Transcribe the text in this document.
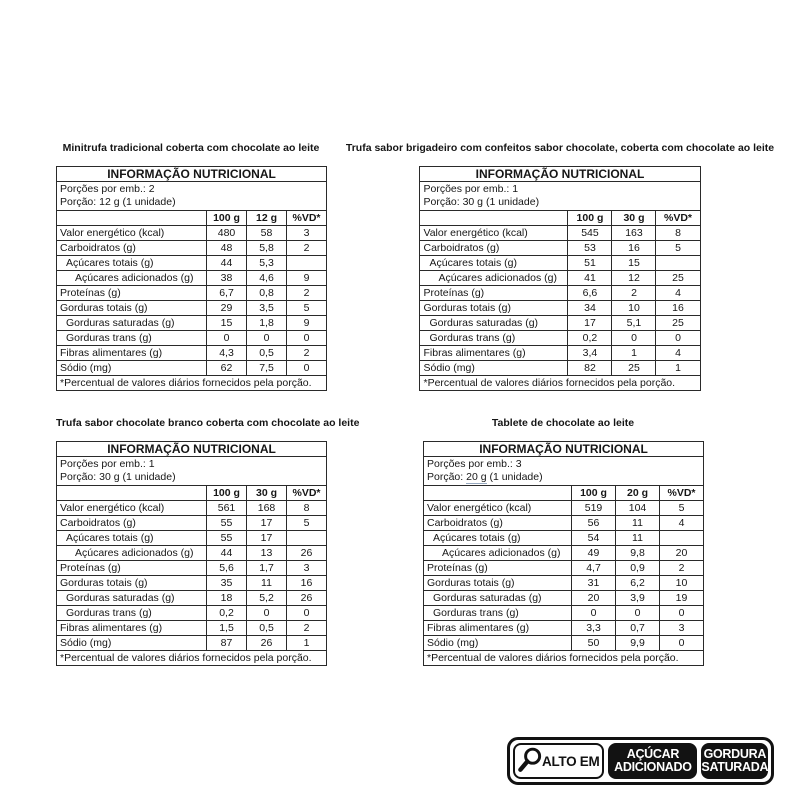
Minitrufa tradicional coberta com chocolate ao leite
INFORMAÇÃO NUTRICIONAL			

Porções por emb.: 2
Porção: 12 g (1 unidade)			

	100 g	12 g	%VD*
Valor energético (kcal)	480	58	3
Carboidratos (g)	48	5,8	2
Açúcares totais (g)	44	5,3	
Açúcares adicionados (g)	38	4,6	9
Proteínas (g)	6,7	0,8	2
Gorduras totais (g)	29	3,5	5
Gorduras saturadas (g)	15	1,8	9
Gorduras trans (g)	0	0	0
Fibras alimentares (g)	4,3	0,5	2
Sódio (mg)	62	7,5	0
*Percentual de valores diários fornecidos pela porção.			
Trufa sabor brigadeiro com confeitos sabor chocolate, coberta com chocolate ao leite
INFORMAÇÃO NUTRICIONAL			

Porções por emb.: 1
Porção: 30 g (1 unidade)			

	100 g	30 g	%VD*
Valor energético (kcal)	545	163	8
Carboidratos (g)	53	16	5
Açúcares totais (g)	51	15	
Açúcares adicionados (g)	41	12	25
Proteínas (g)	6,6	2	4
Gorduras totais (g)	34	10	16
Gorduras saturadas (g)	17	5,1	25
Gorduras trans (g)	0,2	0	0
Fibras alimentares (g)	3,4	1	4
Sódio (mg)	82	25	1
*Percentual de valores diários fornecidos pela porção.			
Trufa sabor chocolate branco coberta com chocolate ao leite
INFORMAÇÃO NUTRICIONAL			

Porções por emb.: 1
Porção: 30 g (1 unidade)			

	100 g	30 g	%VD*
Valor energético (kcal)	561	168	8
Carboidratos (g)	55	17	5
Açúcares totais (g)	55	17	
Açúcares adicionados (g)	44	13	26
Proteínas (g)	5,6	1,7	3
Gorduras totais (g)	35	11	16
Gorduras saturadas (g)	18	5,2	26
Gorduras trans (g)	0,2	0	0
Fibras alimentares (g)	1,5	0,5	2
Sódio (mg)	87	26	1
*Percentual de valores diários fornecidos pela porção.			
Tablete de chocolate ao leite
INFORMAÇÃO NUTRICIONAL			

Porções por emb.: 3
Porção: 20 g (1 unidade)			

	100 g	20 g	%VD*
Valor energético (kcal)	519	104	5
Carboidratos (g)	56	11	4
Açúcares totais (g)	54	11	
Açúcares adicionados (g)	49	9,8	20
Proteínas (g)	4,7	0,9	2
Gorduras totais (g)	31	6,2	10
Gorduras saturadas (g)	20	3,9	19
Gorduras trans (g)	0	0	0
Fibras alimentares (g)	3,3	0,7	3
Sódio (mg)	50	9,9	0
*Percentual de valores diários fornecidos pela porção.			
ALTO EM AÇÚCAR
ADICIONADO
GORDURA
SATURADA
